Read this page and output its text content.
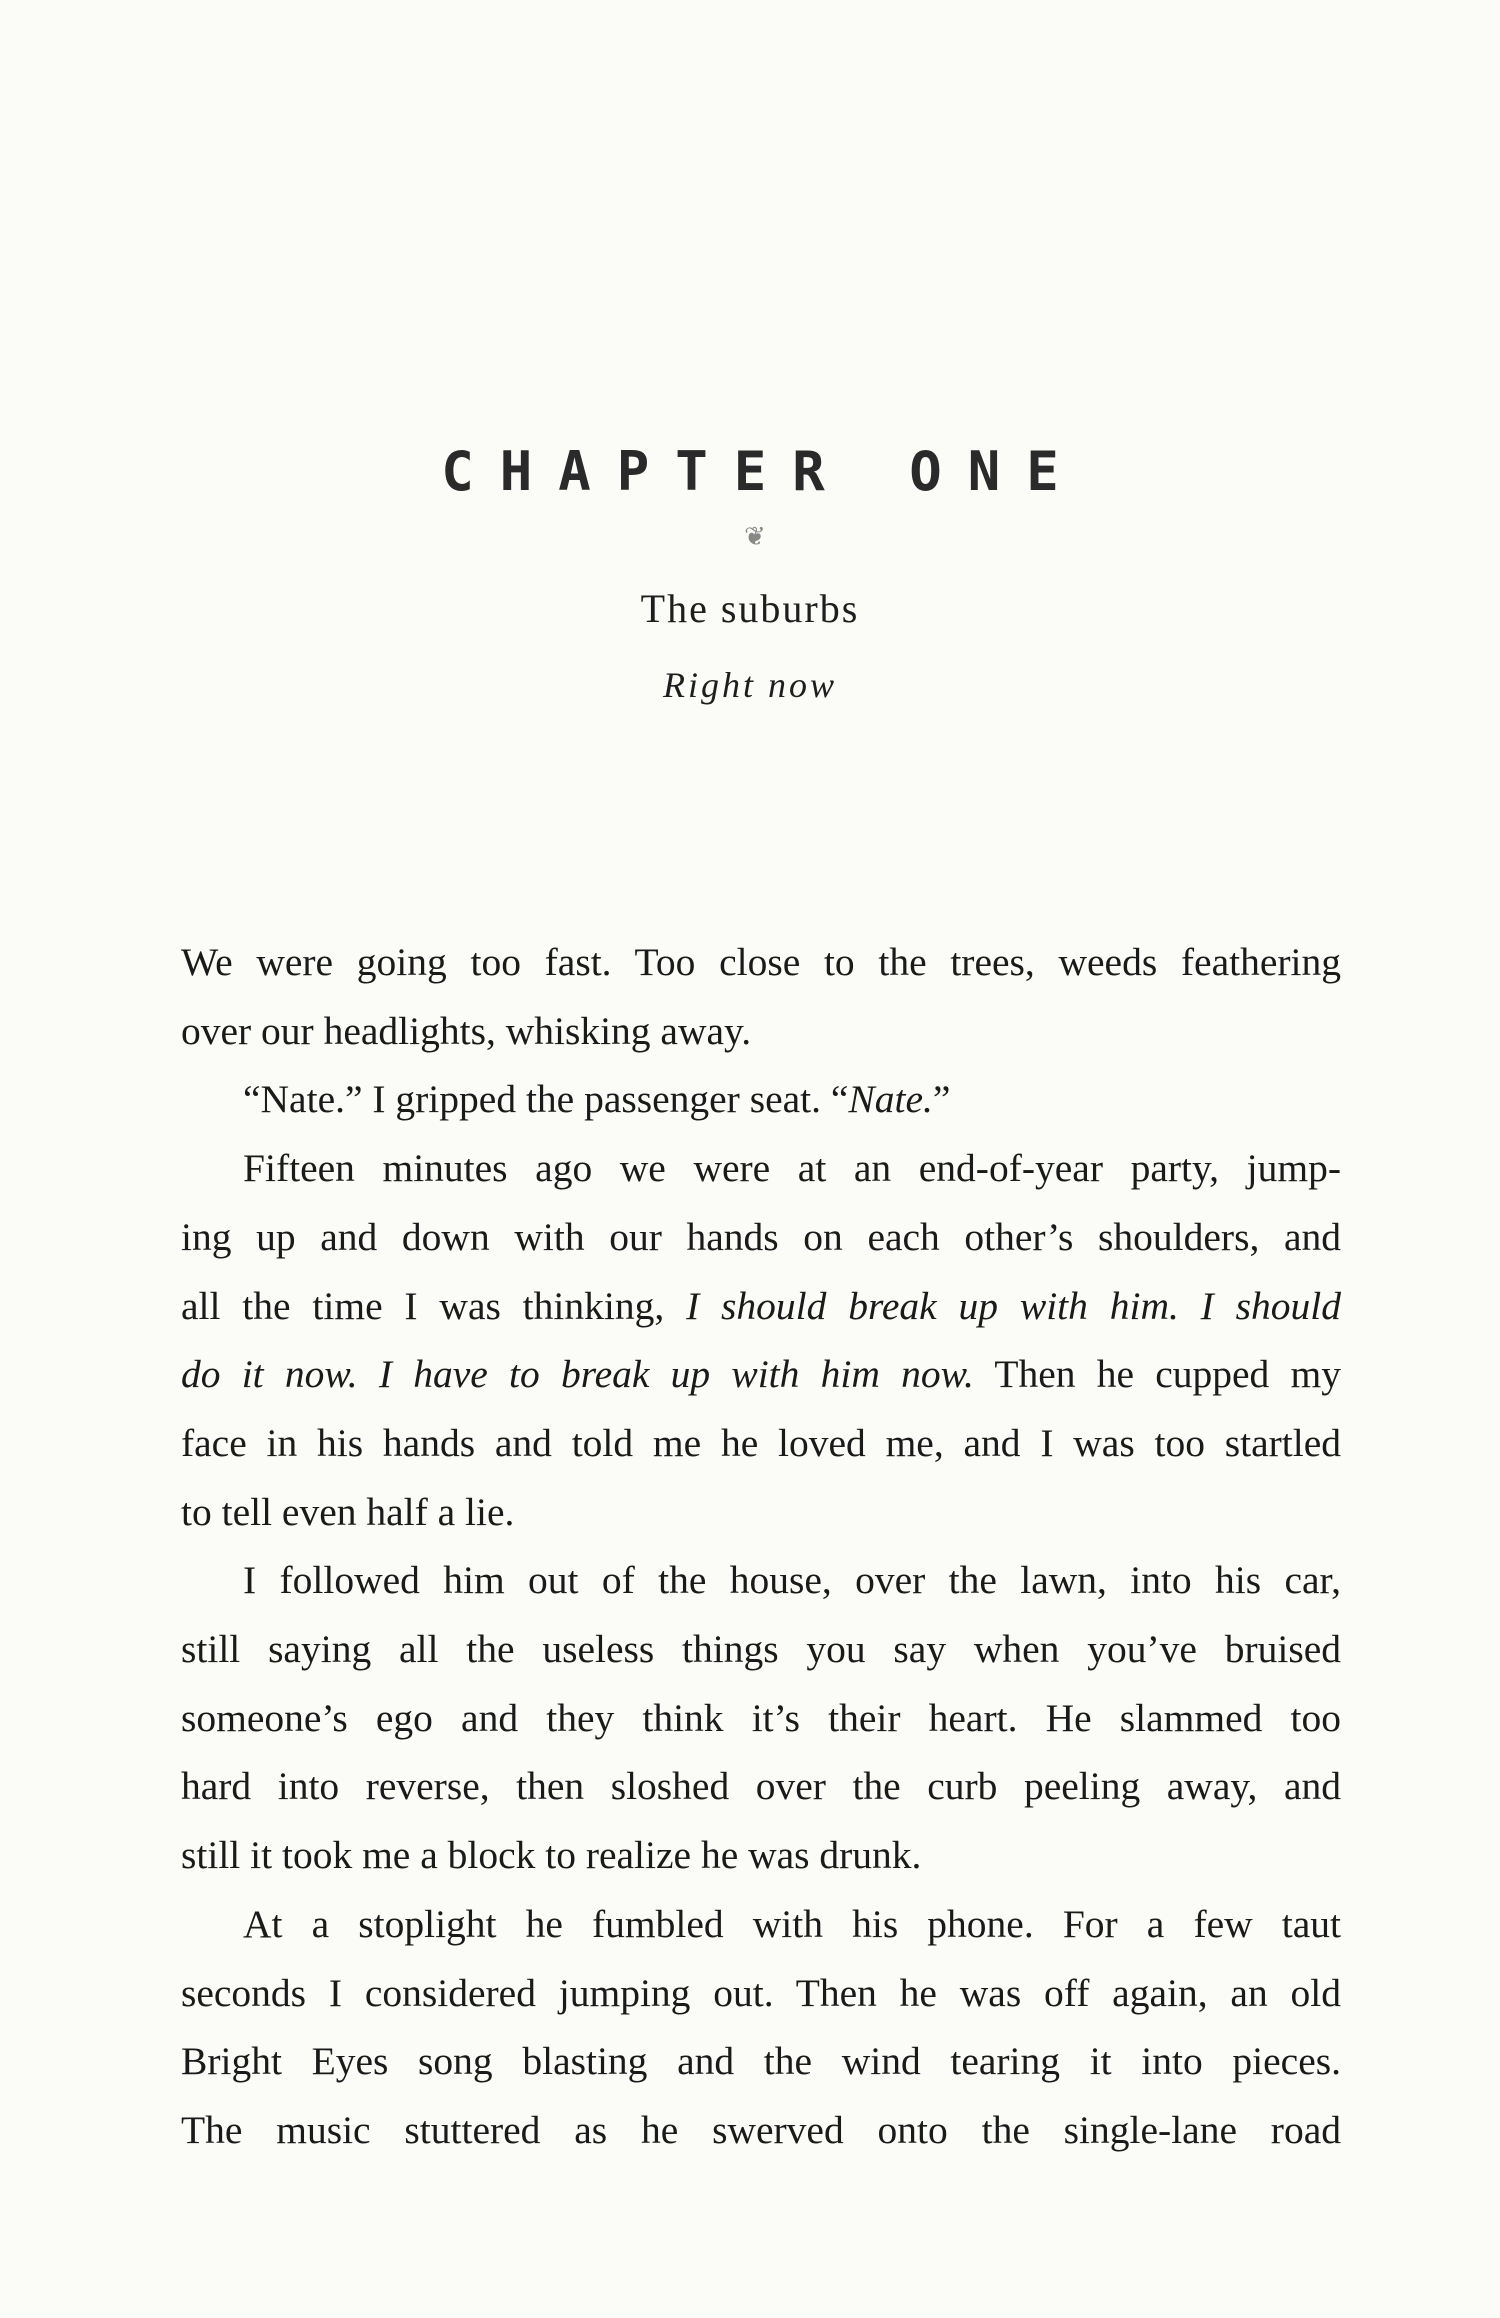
CHAPTER ONE
❦
The suburbs
Right now

We were going too fast. Too close to the trees, weeds feathering
over our headlights, whisking away.

“Nate.” I gripped the passenger seat. “Nate.”

Fifteen minutes ago we were at an end-of-year party, jump-
ing up and down with our hands on each other’s shoulders, and
all the time I was thinking, I should break up with him. I should
do it now. I have to break up with him now. Then he cupped my
face in his hands and told me he loved me, and I was too startled
to tell even half a lie.

I followed him out of the house, over the lawn, into his car,
still saying all the useless things you say when you’ve bruised
someone’s ego and they think it’s their heart. He slammed too
hard into reverse, then sloshed over the curb peeling away, and
still it took me a block to realize he was drunk.

At a stoplight he fumbled with his phone. For a few taut
seconds I considered jumping out. Then he was off again, an old
Bright Eyes song blasting and the wind tearing it into pieces.
The music stuttered as he swerved onto the single-lane road
